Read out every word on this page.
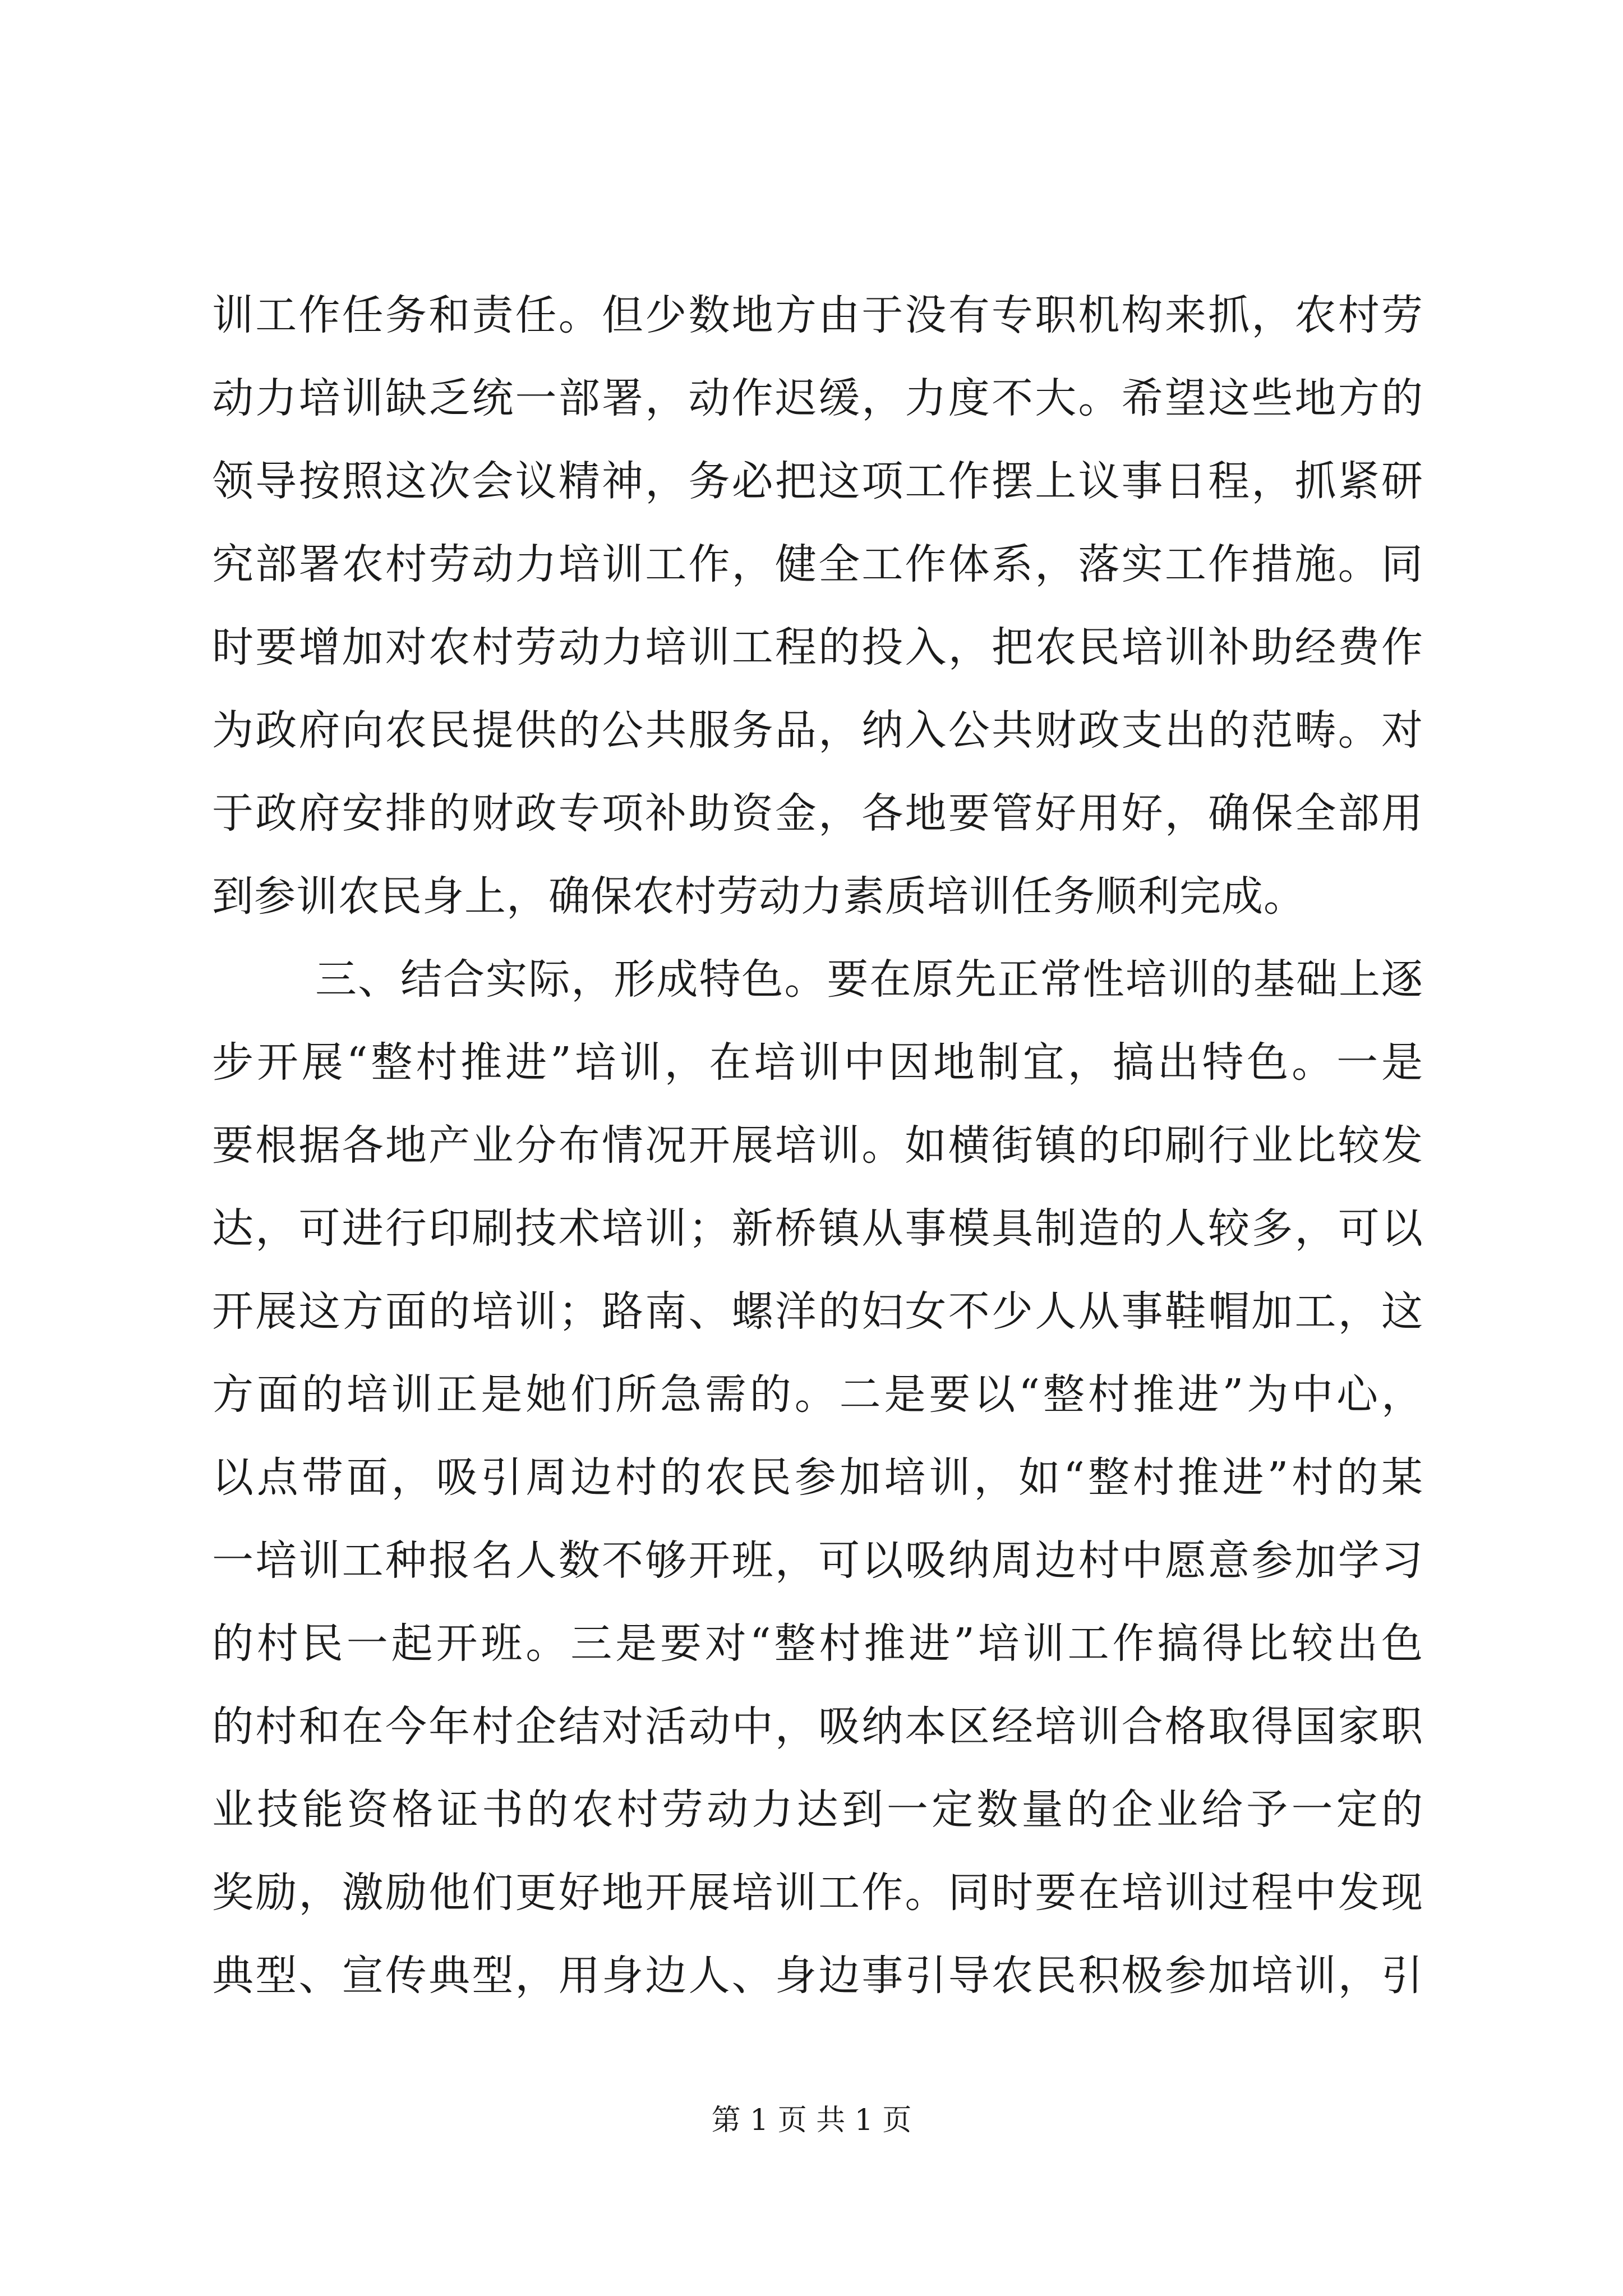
训工作任务和责任。但少数地方由于没有专职机构来抓，农村劳
动力培训缺乏统一部署，动作迟缓，力度不大。希望这些地方的
领导按照这次会议精神，务必把这项工作摆上议事日程，抓紧研
究部署农村劳动力培训工作，健全工作体系，落实工作措施。同
时要增加对农村劳动力培训工程的投入，把农民培训补助经费作
为政府向农民提供的公共服务品，纳入公共财政支出的范畴。对
于政府安排的财政专项补助资金，各地要管好用好，确保全部用
到参训农民身上，确保农村劳动力素质培训任务顺利完成。
三、结合实际，形成特色。要在原先正常性培训的基础上逐
步开展“整村推进”培训，在培训中因地制宜，搞出特色。一是
要根据各地产业分布情况开展培训。如横街镇的印刷行业比较发
达，可进行印刷技术培训；新桥镇从事模具制造的人较多，可以
开展这方面的培训；路南、螺洋的妇女不少人从事鞋帽加工，这
方面的培训正是她们所急需的。二是要以“整村推进”为中心，
以点带面，吸引周边村的农民参加培训，如“整村推进”村的某
一培训工种报名人数不够开班，可以吸纳周边村中愿意参加学习
的村民一起开班。三是要对“整村推进”培训工作搞得比较出色
的村和在今年村企结对活动中，吸纳本区经培训合格取得国家职
业技能资格证书的农村劳动力达到一定数量的企业给予一定的
奖励，激励他们更好地开展培训工作。同时要在培训过程中发现
典型、宣传典型，用身边人、身边事引导农民积极参加培训，引
第 1 页 共 1 页
